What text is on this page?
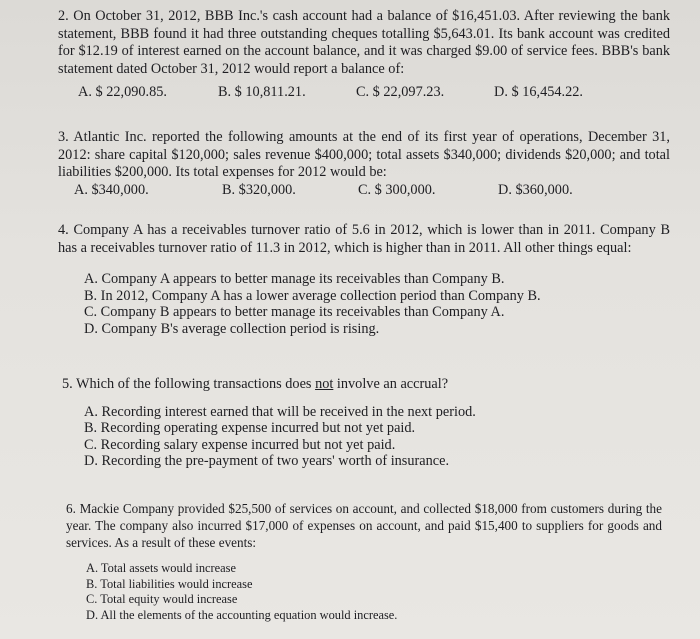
2. On October 31, 2012, BBB Inc.'s cash account had a balance of $16,451.03. After reviewing the bank statement, BBB found it had three outstanding cheques totalling $5,643.01. Its bank account was credited for $12.19 of interest earned on the account balance, and it was charged $9.00 of service fees. BBB's bank statement dated October 31, 2012 would report a balance of:

A. $ 22,090.85.	B. $ 10,811.21.	C. $ 22,097.23.	D. $ 16,454.22.

3. Atlantic Inc. reported the following amounts at the end of its first year of operations, December 31, 2012: share capital $120,000; sales revenue $400,000; total assets $340,000; dividends $20,000; and total liabilities $200,000. Its total expenses for 2012 would be:

A. $340,000.	B. $320,000.	C. $ 300,000.	D. $360,000.

4. Company A has a receivables turnover ratio of 5.6 in 2012, which is lower than in 2011. Company B has a receivables turnover ratio of 11.3 in 2012, which is higher than in 2011. All other things equal:

A. Company A appears to better manage its receivables than Company B.
B. In 2012, Company A has a lower average collection period than Company B.
C. Company B appears to better manage its receivables than Company A.
D. Company B's average collection period is rising.

5. Which of the following transactions does not involve an accrual?

A. Recording interest earned that will be received in the next period.
B. Recording operating expense incurred but not yet paid.
C. Recording salary expense incurred but not yet paid.
D. Recording the pre-payment of two years' worth of insurance.

6. Mackie Company provided $25,500 of services on account, and collected $18,000 from customers during the year. The company also incurred $17,000 of expenses on account, and paid $15,400 to suppliers for goods and services. As a result of these events:

A. Total assets would increase
B. Total liabilities would increase
C. Total equity would increase
D. All the elements of the accounting equation would increase.
